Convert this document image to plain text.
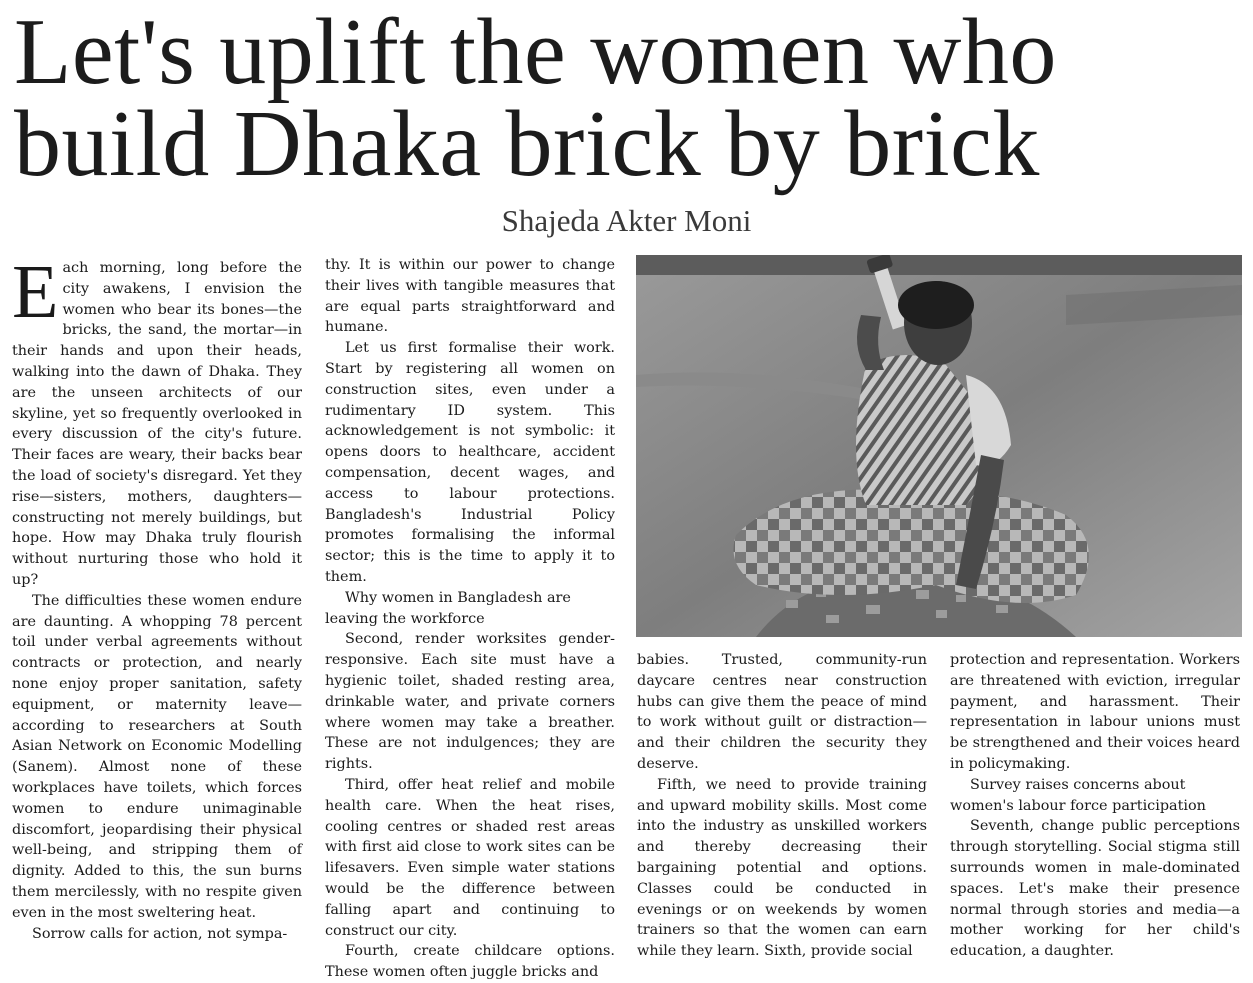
Let's uplift the women who
build Dhaka brick by brick
Shajeda Akter Moni

Each morning, long before the city awakens, I envision the women who bear its bones—the bricks, the sand, the mortar—in their hands and upon their heads, walking into the dawn of Dhaka. They are the unseen architects of our skyline, yet so frequently overlooked in every discussion of the city's future. Their faces are weary, their backs bear the load of society's disregard. Yet they rise—sisters, mothers, daughters—constructing not merely buildings, but hope. How may Dhaka truly flourish without nurturing those who hold it up?

The difficulties these women endure are daunting. A whopping 78 percent toil under verbal agreements without contracts or protection, and nearly none enjoy proper sanitation, safety equipment, or maternity leave—according to researchers at South Asian Network on Economic Modelling (Sanem). Almost none of these workplaces have toilets, which forces women to endure unimaginable discomfort, jeopardising their physical well-being, and stripping them of dignity. Added to this, the sun burns them mercilessly, with no respite given even in the most sweltering heat.

Sorrow calls for action, not sympa-

thy. It is within our power to change their lives with tangible measures that are equal parts straightforward and humane.

Let us first formalise their work. Start by registering all women on construction sites, even under a rudimentary ID system. This acknowledgement is not symbolic: it opens doors to healthcare, accident compensation, decent wages, and access to labour protections. Bangladesh's Industrial Policy promotes formalising the informal sector; this is the time to apply it to them.

Why women in Bangladesh are leaving the workforce

Second, render worksites gender-responsive. Each site must have a hygienic toilet, shaded resting area, drinkable water, and private corners where women may take a breather. These are not indulgences; they are rights.

Third, offer heat relief and mobile health care. When the heat rises, cooling centres or shaded rest areas with first aid close to work sites can be lifesavers. Even simple water stations would be the difference between falling apart and continuing to construct our city.

Fourth, create childcare options. These women often juggle bricks and

babies. Trusted, community-run daycare centres near construction hubs can give them the peace of mind to work without guilt or distraction—and their children the security they deserve.

Fifth, we need to provide training and upward mobility skills. Most come into the industry as unskilled workers and thereby decreasing their bargaining potential and options. Classes could be conducted in evenings or on weekends by women trainers so that the women can earn while they learn. Sixth, provide social

protection and representation. Workers are threatened with eviction, irregular payment, and harassment. Their representation in labour unions must be strengthened and their voices heard in policymaking.

Survey raises concerns about women's labour force participation

Seventh, change public perceptions through storytelling. Social stigma still surrounds women in male-dominated spaces. Let's make their presence normal through stories and media—a mother working for her child's education, a daughter.
